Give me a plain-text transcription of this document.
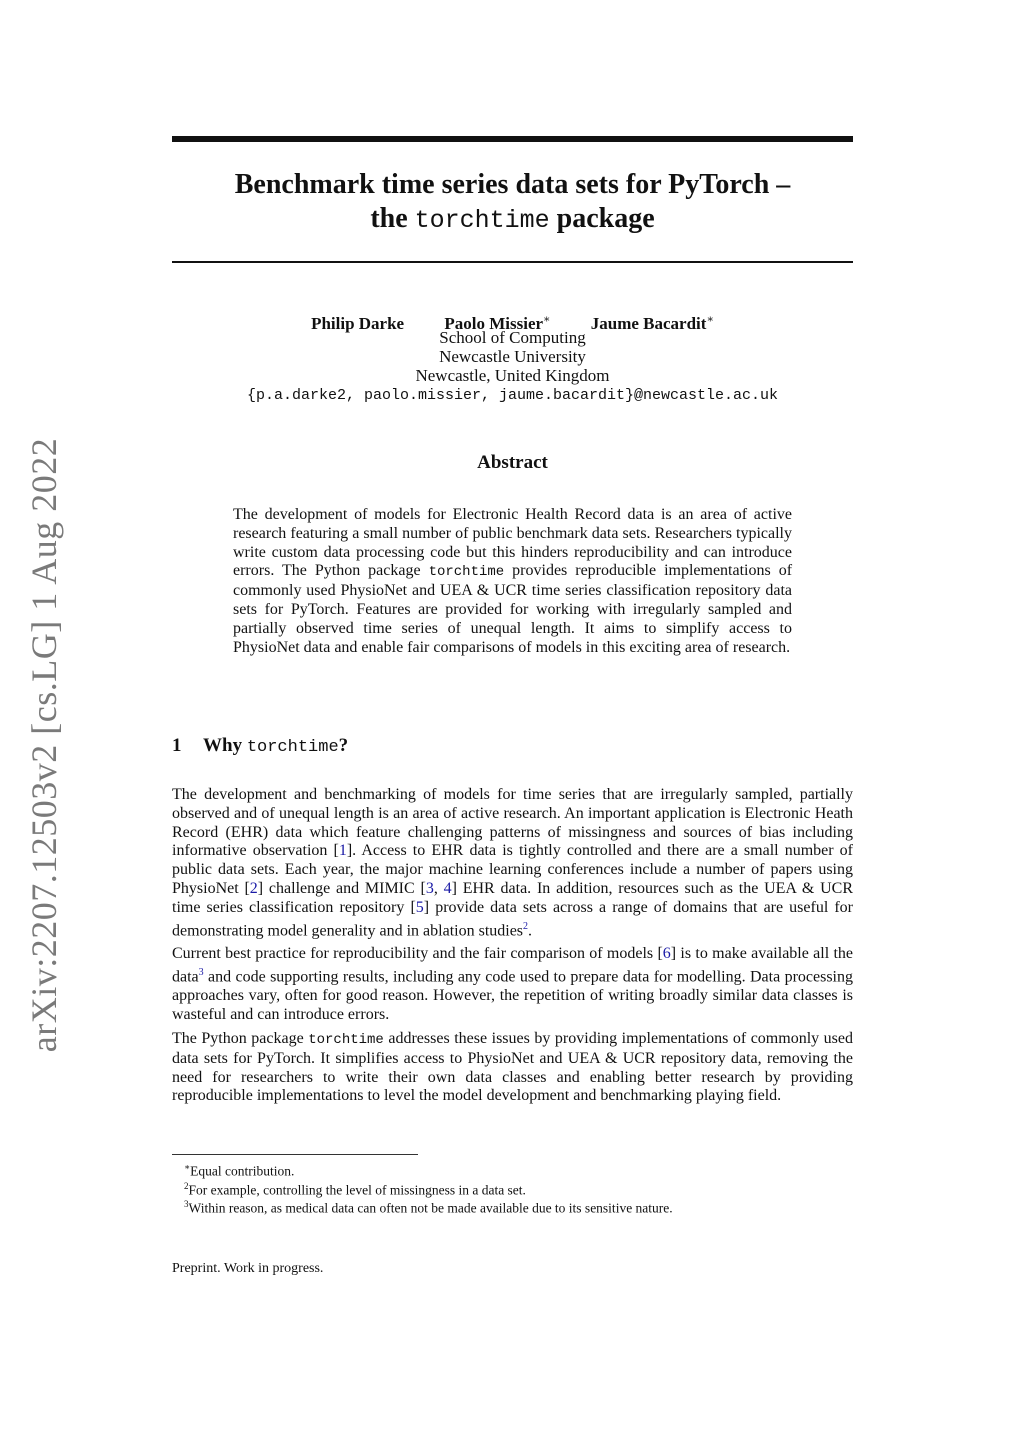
arXiv:2207.12503v2 [cs.LG] 1 Aug 2022
Benchmark time series data sets for PyTorch –
the torchtime package
Philip Darke Paolo Missier∗ Jaume Bacardit∗
School of Computing
Newcastle University
Newcastle, United Kingdom
{p.a.darke2, paolo.missier, jaume.bacardit}@newcastle.ac.uk
Abstract
The development of models for Electronic Health Record data is an area of active research featuring a small number of public benchmark data sets. Researchers typically write custom data processing code but this hinders reproducibility and can introduce errors. The Python package torchtime provides reproducible implementations of commonly used PhysioNet and UEA & UCR time series classification repository data sets for PyTorch. Features are provided for working with irregularly sampled and partially observed time series of unequal length. It aims to simplify access to PhysioNet data and enable fair comparisons of models in this exciting area of research.
1 Why torchtime?

The development and benchmarking of models for time series that are irregularly sampled, partially observed and of unequal length is an area of active research. An important application is Electronic Heath Record (EHR) data which feature challenging patterns of missingness and sources of bias including informative observation [1]. Access to EHR data is tightly controlled and there are a small number of public data sets. Each year, the major machine learning conferences include a number of papers using PhysioNet [2] challenge and MIMIC [3, 4] EHR data. In addition, resources such as the UEA & UCR time series classification repository [5] provide data sets across a range of domains that are useful for demonstrating model generality and in ablation studies$^2$.

Current best practice for reproducibility and the fair comparison of models [6] is to make available all the data$^3$ and code supporting results, including any code used to prepare data for modelling. Data processing approaches vary, often for good reason. However, the repetition of writing broadly similar data classes is wasteful and can introduce errors.

The Python package torchtime addresses these issues by providing implementations of commonly used data sets for PyTorch. It simplifies access to PhysioNet and UEA & UCR repository data, removing the need for researchers to write their own data classes and enabling better research by providing reproducible implementations to level the model development and benchmarking playing field.

∗Equal contribution.
$^2$For example, controlling the level of missingness in a data set.
$^3$Within reason, as medical data can often not be made available due to its sensitive nature.
Preprint. Work in progress.
